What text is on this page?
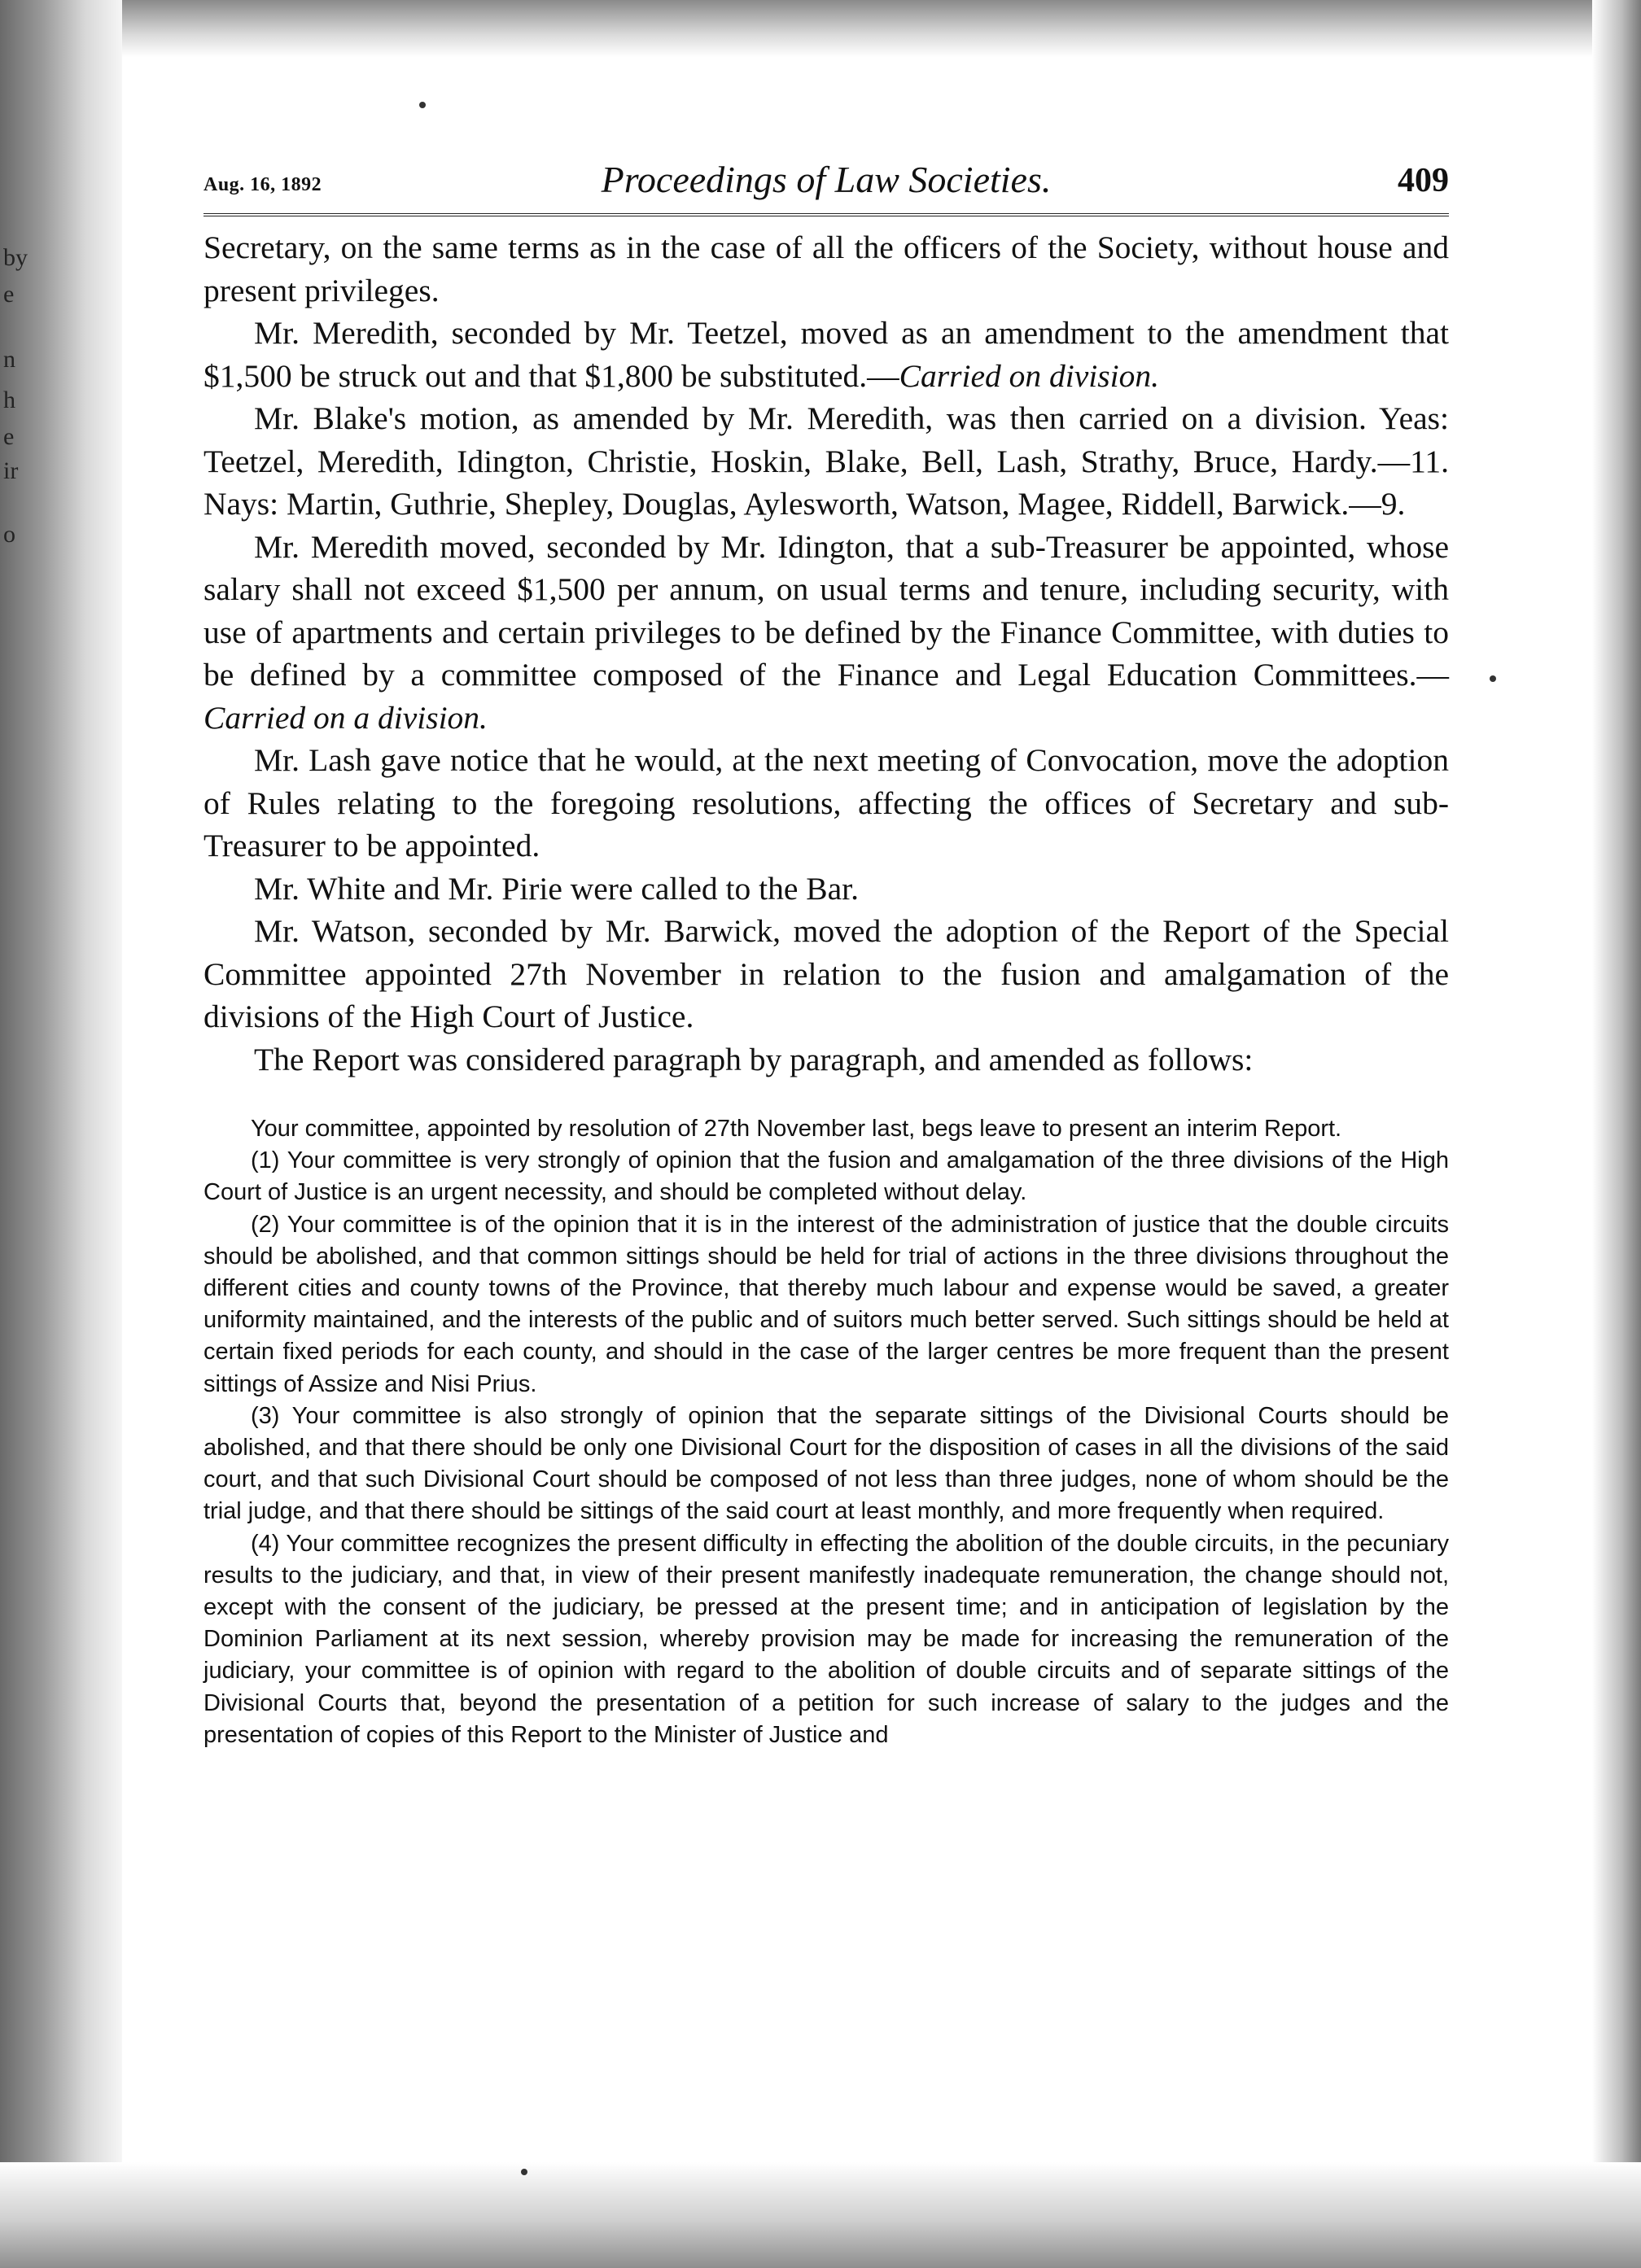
by
e
n
h
e
ir
o
Aug. 16, 1892	Proceedings of Law Societies.	409

Secretary, on the same terms as in the case of all the officers of the Society, without house and present privileges.

Mr. Meredith, seconded by Mr. Teetzel, moved as an amendment to the amendment that $1,500 be struck out and that $1,800 be substituted.—Carried on division.

Mr. Blake's motion, as amended by Mr. Meredith, was then carried on a division. Yeas: Teetzel, Meredith, Idington, Christie, Hoskin, Blake, Bell, Lash, Strathy, Bruce, Hardy.—11. Nays: Martin, Guthrie, Shepley, Douglas, Aylesworth, Watson, Magee, Riddell, Barwick.—9.

Mr. Meredith moved, seconded by Mr. Idington, that a sub-Treasurer be appointed, whose salary shall not exceed $1,500 per annum, on usual terms and tenure, including security, with use of apartments and certain privileges to be defined by the Finance Committee, with duties to be defined by a committee composed of the Finance and Legal Education Committees.—Carried on a division.

Mr. Lash gave notice that he would, at the next meeting of Convocation, move the adoption of Rules relating to the foregoing resolutions, affecting the offices of Secretary and sub-Treasurer to be appointed.

Mr. White and Mr. Pirie were called to the Bar.

Mr. Watson, seconded by Mr. Barwick, moved the adoption of the Report of the Special Committee appointed 27th November in relation to the fusion and amalgamation of the divisions of the High Court of Justice.

The Report was considered paragraph by paragraph, and amended as follows:

Your committee, appointed by resolution of 27th November last, begs leave to present an interim Report.

(1) Your committee is very strongly of opinion that the fusion and amalgamation of the three divisions of the High Court of Justice is an urgent necessity, and should be completed without delay.

(2) Your committee is of the opinion that it is in the interest of the administration of justice that the double circuits should be abolished, and that common sittings should be held for trial of actions in the three divisions throughout the different cities and county towns of the Province, that thereby much labour and expense would be saved, a greater uniformity maintained, and the interests of the public and of suitors much better served. Such sittings should be held at certain fixed periods for each county, and should in the case of the larger centres be more frequent than the present sittings of Assize and Nisi Prius.

(3) Your committee is also strongly of opinion that the separate sittings of the Divisional Courts should be abolished, and that there should be only one Divisional Court for the disposition of cases in all the divisions of the said court, and that such Divisional Court should be composed of not less than three judges, none of whom should be the trial judge, and that there should be sittings of the said court at least monthly, and more frequently when required.

(4) Your committee recognizes the present difficulty in effecting the abolition of the double circuits, in the pecuniary results to the judiciary, and that, in view of their present manifestly inadequate remuneration, the change should not, except with the consent of the judiciary, be pressed at the present time; and in anticipation of legislation by the Dominion Parliament at its next session, whereby provision may be made for increasing the remuneration of the judiciary, your committee is of opinion with regard to the abolition of double circuits and of separate sittings of the Divisional Courts that, beyond the presentation of a petition for such increase of salary to the judges and the presentation of copies of this Report to the Minister of Justice and
